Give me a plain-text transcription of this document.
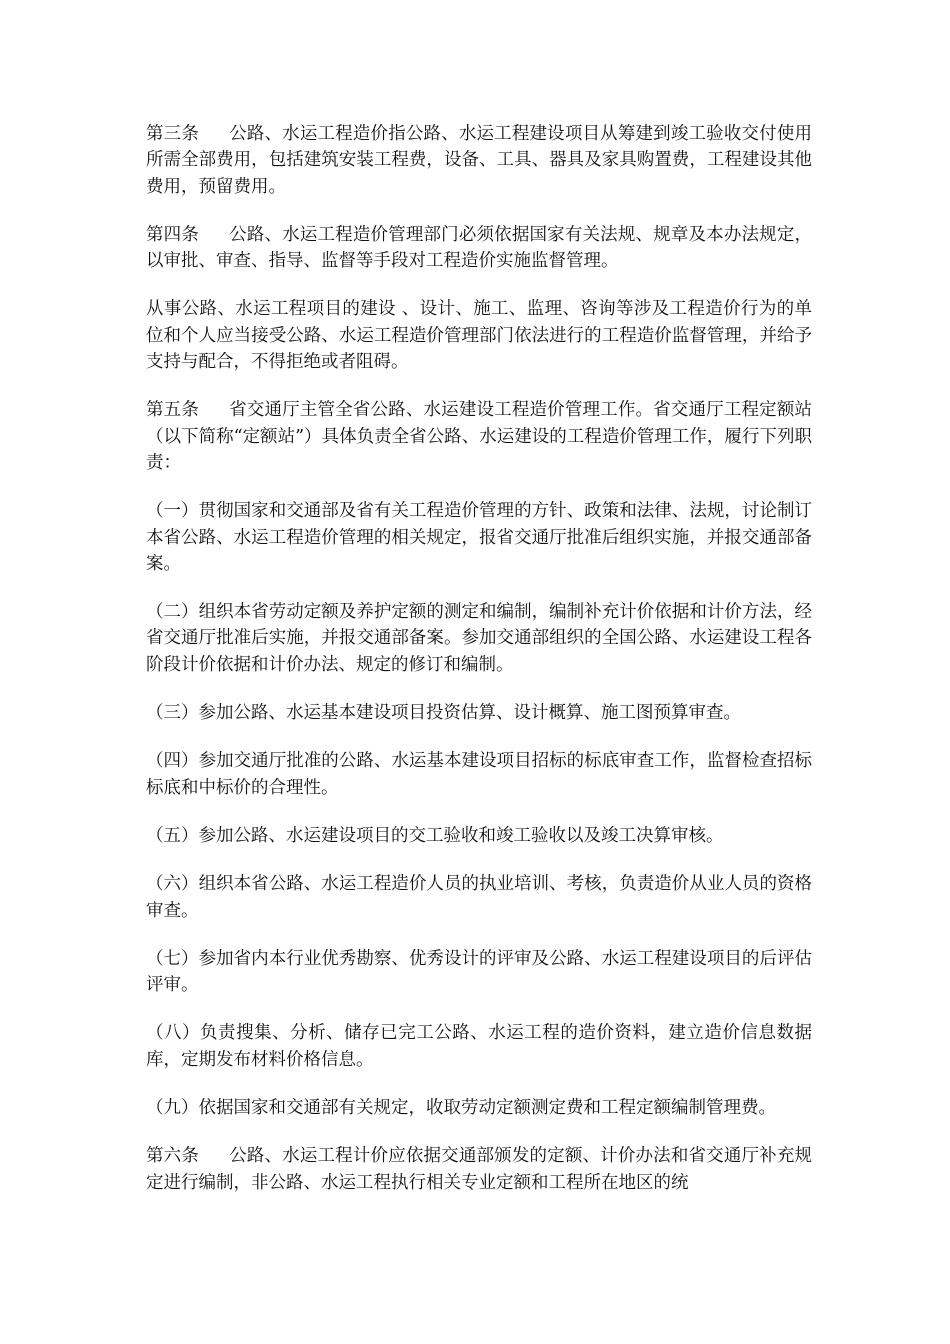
第三条 公路、水运工程造价指公路、水运工程建设项目从筹建到竣工验收交付使用所需全部费用，包括建筑安装工程费，设备、工具、器具及家具购置费，工程建设其他费用，预留费用。

第四条 公路、水运工程造价管理部门必须依据国家有关法规、规章及本办法规定，以审批、审查、指导、监督等手段对工程造价实施监督管理。

从事公路、水运工程项目的建设 、设计、施工、监理、咨询等涉及工程造价行为的单位和个人应当接受公路、水运工程造价管理部门依法进行的工程造价监督管理，并给予支持与配合，不得拒绝或者阻碍。

第五条 省交通厅主管全省公路、水运建设工程造价管理工作。省交通厅工程定额站（以下简称“定额站”）具体负责全省公路、水运建设的工程造价管理工作，履行下列职责：

（一）贯彻国家和交通部及省有关工程造价管理的方针、政策和法律、法规，讨论制订本省公路、水运工程造价管理的相关规定，报省交通厅批准后组织实施，并报交通部备案。

（二）组织本省劳动定额及养护定额的测定和编制，编制补充计价依据和计价方法，经省交通厅批准后实施，并报交通部备案。参加交通部组织的全国公路、水运建设工程各阶段计价依据和计价办法、规定的修订和编制。

（三）参加公路、水运基本建设项目投资估算、设计概算、施工图预算审查。

（四）参加交通厅批准的公路、水运基本建设项目招标的标底审查工作，监督检查招标标底和中标价的合理性。

（五）参加公路、水运建设项目的交工验收和竣工验收以及竣工决算审核。

（六）组织本省公路、水运工程造价人员的执业培训、考核，负责造价从业人员的资格审查。

（七）参加省内本行业优秀勘察、优秀设计的评审及公路、水运工程建设项目的后评估评审。

（八）负责搜集、分析、储存已完工公路、水运工程的造价资料，建立造价信息数据库，定期发布材料价格信息。

（九）依据国家和交通部有关规定，收取劳动定额测定费和工程定额编制管理费。

第六条 公路、水运工程计价应依据交通部颁发的定额、计价办法和省交通厅补充规定进行编制，非公路、水运工程执行相关专业定额和工程所在地区的统
